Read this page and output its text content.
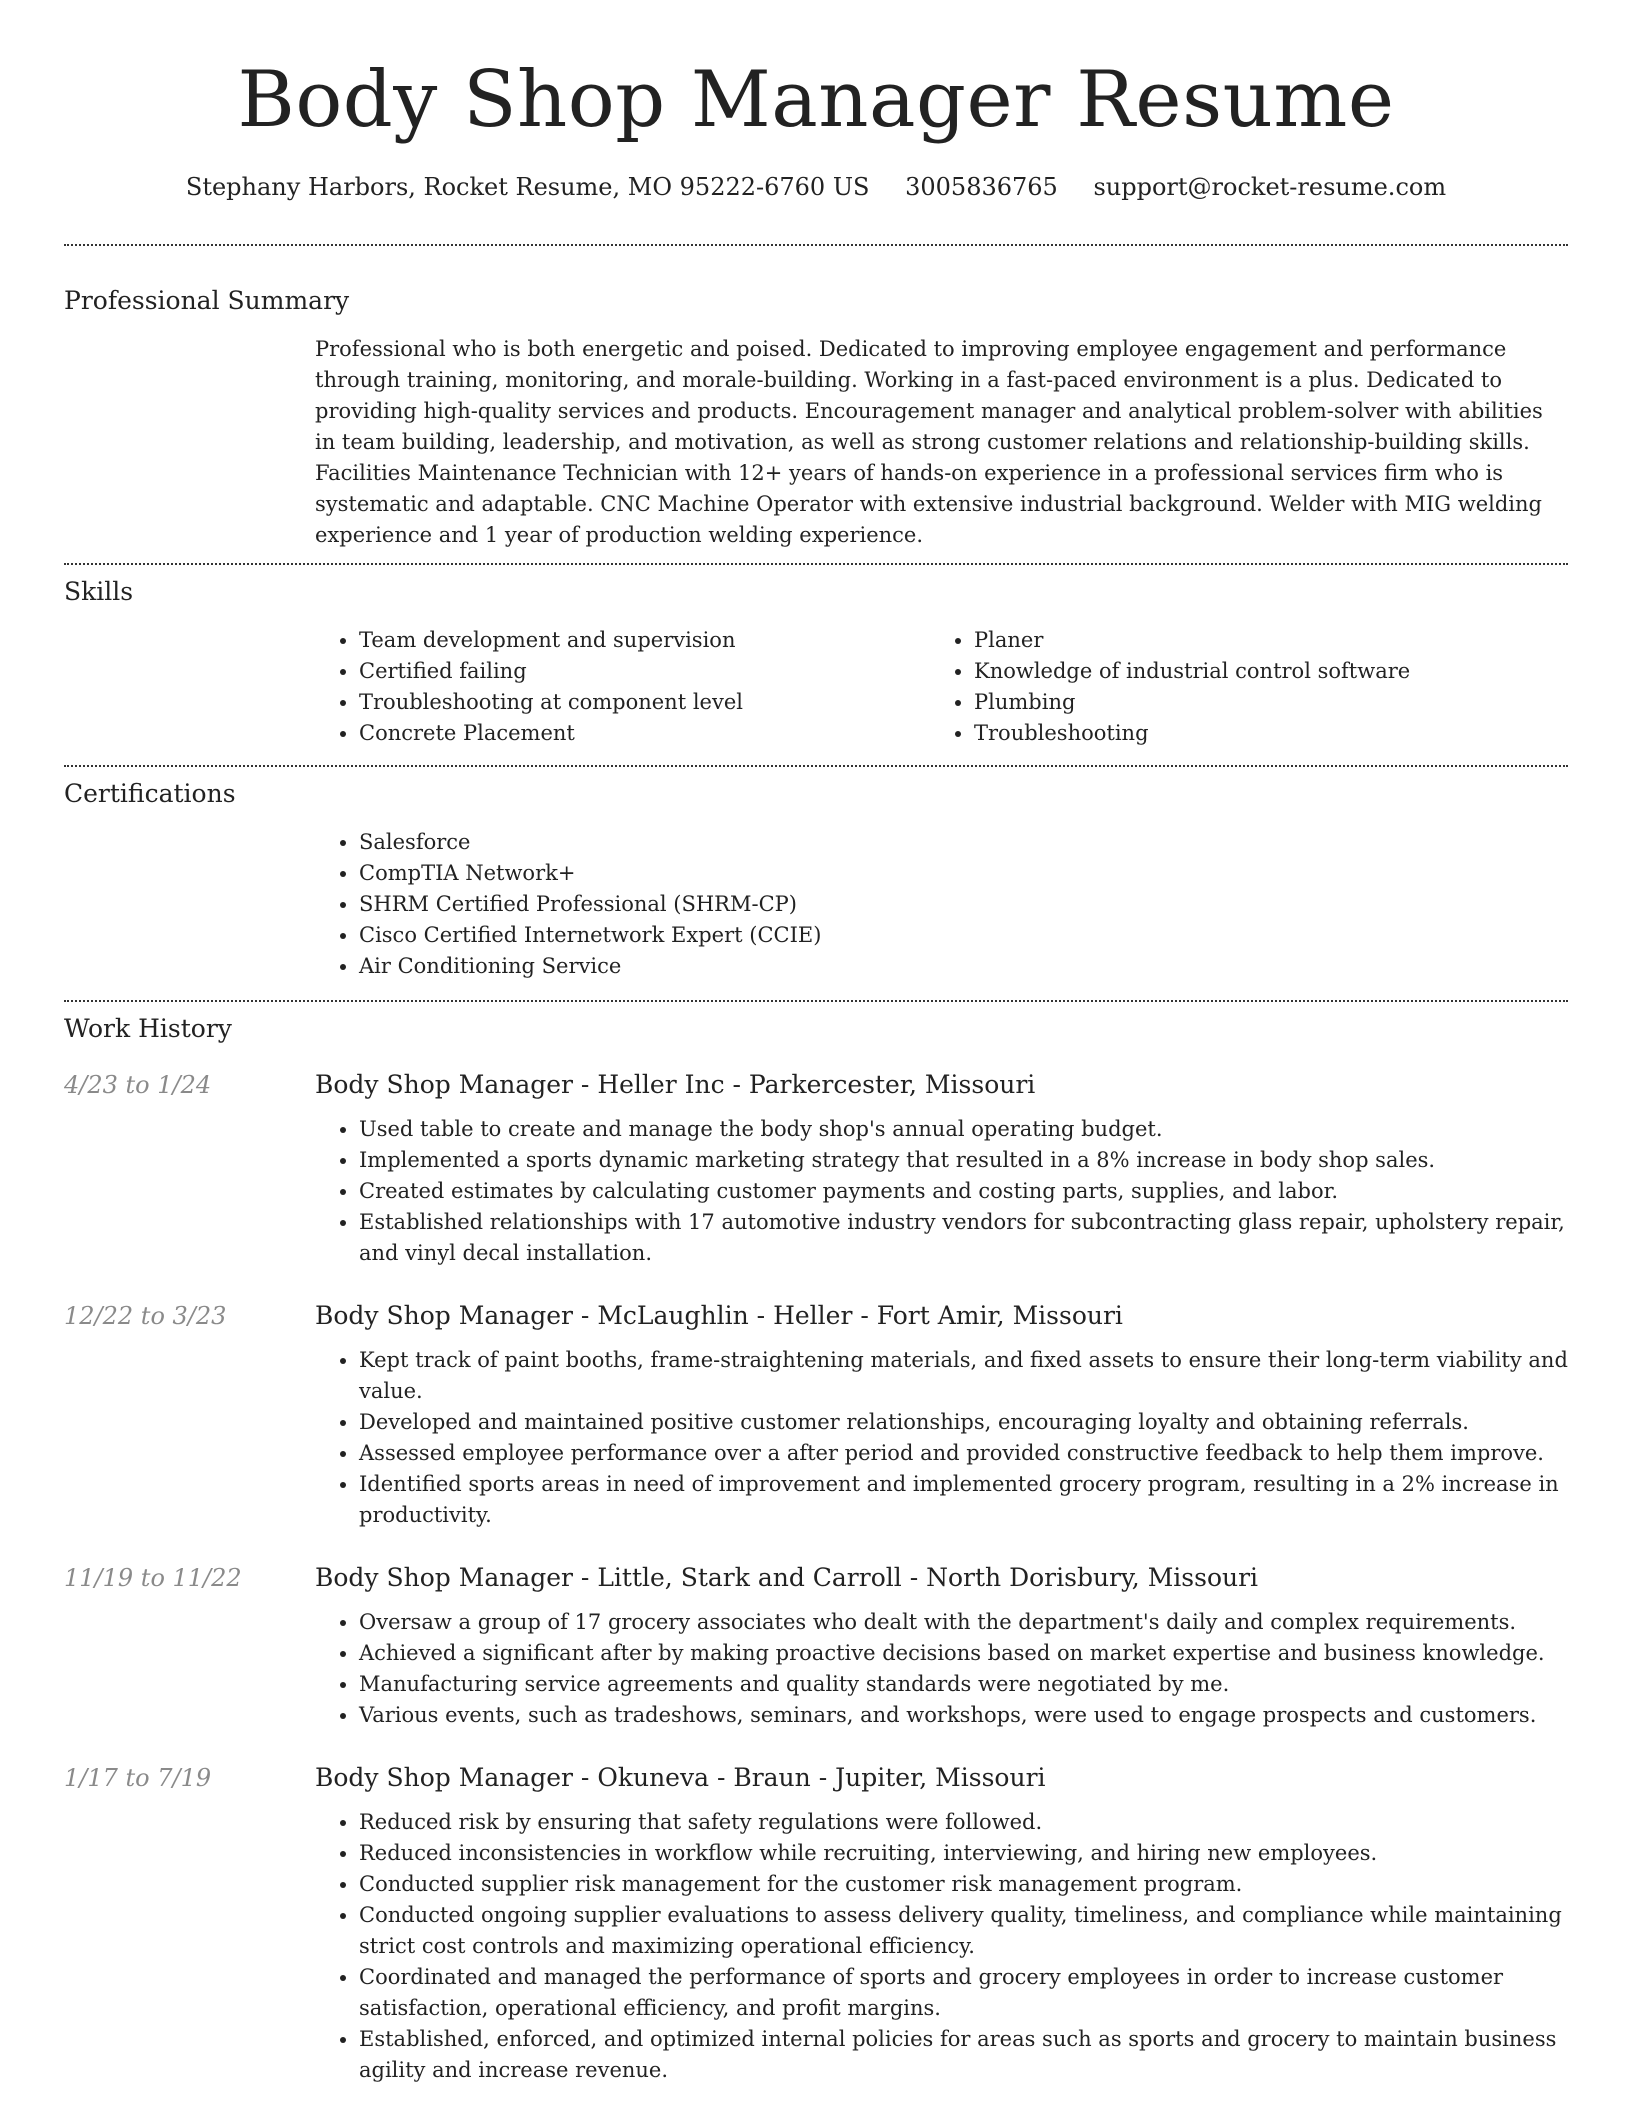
Body Shop Manager Resume
Stephany Harbors, Rocket Resume, MO 95222-6760 US 3005836765 support@rocket-resume.com
Professional Summary
Professional who is both energetic and poised. Dedicated to improving employee engagement and performance through training, monitoring, and morale-building. Working in a fast-paced environment is a plus. Dedicated to providing high-quality services and products. Encouragement manager and analytical problem-solver with abilities in team building, leadership, and motivation, as well as strong customer relations and relationship-building skills. Facilities Maintenance Technician with 12+ years of hands-on experience in a professional services firm who is systematic and adaptable. CNC Machine Operator with extensive industrial background. Welder with MIG welding experience and 1 year of production welding experience.
Skills
• Team development and supervision
• Certified failing
• Troubleshooting at component level
• Concrete Placement
• Planer
• Knowledge of industrial control software
• Plumbing
• Troubleshooting
Certifications
• Salesforce
• CompTIA Network+
• SHRM Certified Professional (SHRM-CP)
• Cisco Certified Internetwork Expert (CCIE)
• Air Conditioning Service
Work History
4/23 to 1/24	Body Shop Manager - Heller Inc - Parkercester, Missouri
• Used table to create and manage the body shop's annual operating budget.
• Implemented a sports dynamic marketing strategy that resulted in a 8% increase in body shop sales.
• Created estimates by calculating customer payments and costing parts, supplies, and labor.
• Established relationships with 17 automotive industry vendors for subcontracting glass repair, upholstery repair, and vinyl decal installation.
12/22 to 3/23	Body Shop Manager - McLaughlin - Heller - Fort Amir, Missouri
• Kept track of paint booths, frame-straightening materials, and fixed assets to ensure their long-term viability and value.
• Developed and maintained positive customer relationships, encouraging loyalty and obtaining referrals.
• Assessed employee performance over a after period and provided constructive feedback to help them improve.
• Identified sports areas in need of improvement and implemented grocery program, resulting in a 2% increase in productivity.
11/19 to 11/22	Body Shop Manager - Little, Stark and Carroll - North Dorisbury, Missouri
• Oversaw a group of 17 grocery associates who dealt with the department's daily and complex requirements.
• Achieved a significant after by making proactive decisions based on market expertise and business knowledge.
• Manufacturing service agreements and quality standards were negotiated by me.
• Various events, such as tradeshows, seminars, and workshops, were used to engage prospects and customers.
1/17 to 7/19	Body Shop Manager - Okuneva - Braun - Jupiter, Missouri
• Reduced risk by ensuring that safety regulations were followed.
• Reduced inconsistencies in workflow while recruiting, interviewing, and hiring new employees.
• Conducted supplier risk management for the customer risk management program.
• Conducted ongoing supplier evaluations to assess delivery quality, timeliness, and compliance while maintaining strict cost controls and maximizing operational efficiency.
• Coordinated and managed the performance of sports and grocery employees in order to increase customer satisfaction, operational efficiency, and profit margins.
• Established, enforced, and optimized internal policies for areas such as sports and grocery to maintain business agility and increase revenue.
